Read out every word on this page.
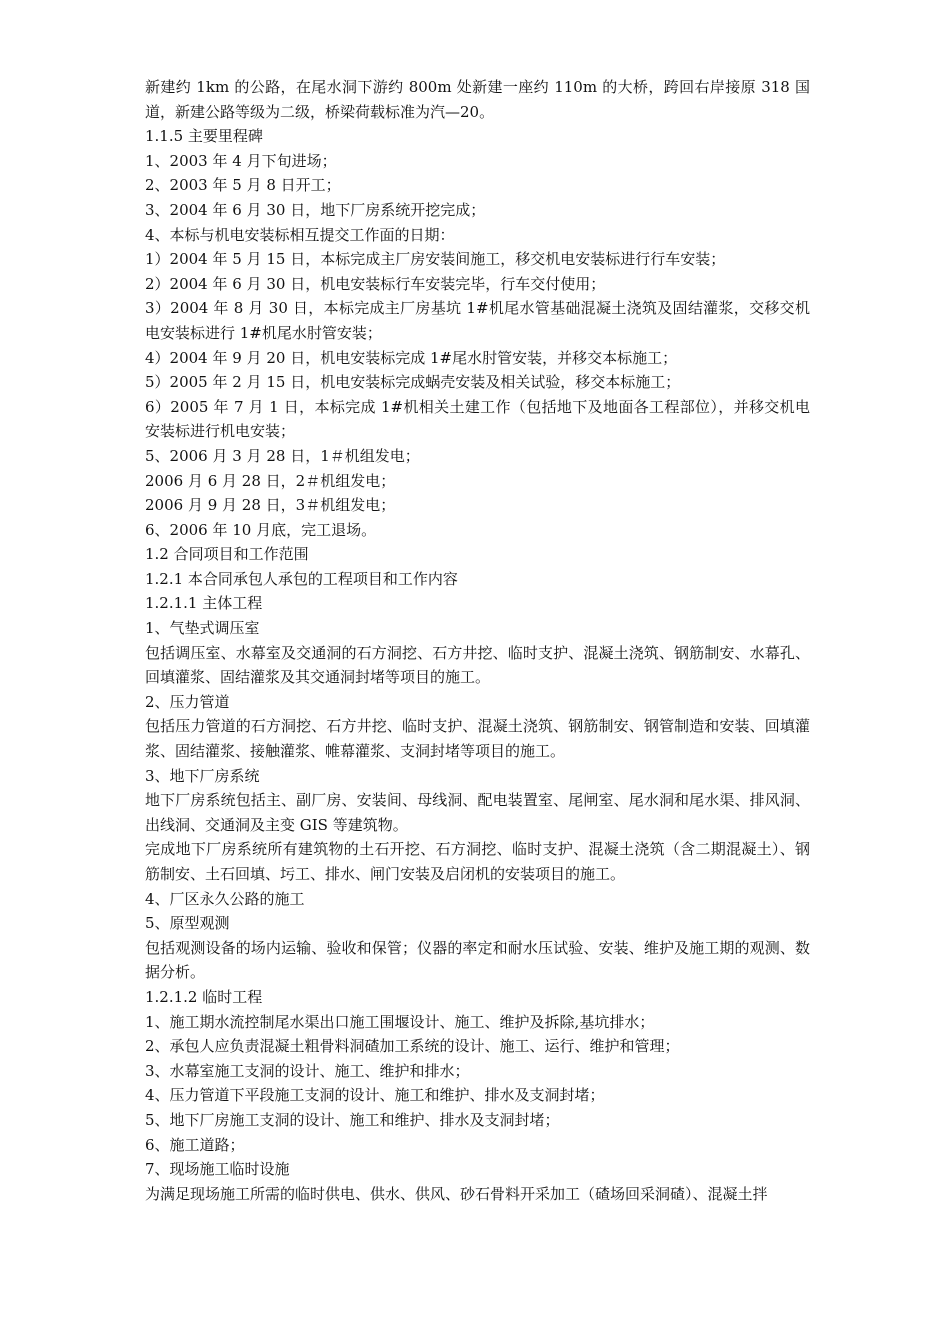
新建约 1km 的公路，在尾水洞下游约 800m 处新建一座约 110m 的大桥，跨回右岸接原 318 国道，新建公路等级为二级，桥梁荷载标准为汽—20。

1.1.5 主要里程碑

1、2003 年 4 月下旬进场；

2、2003 年 5 月 8 日开工；

3、2004 年 6 月 30 日，地下厂房系统开挖完成；

4、本标与机电安装标相互提交工作面的日期：

1）2004 年 5 月 15 日，本标完成主厂房安装间施工，移交机电安装标进行行车安装；

2）2004 年 6 月 30 日，机电安装标行车安装完毕，行车交付使用；

3）2004 年 8 月 30 日，本标完成主厂房基坑 1#机尾水管基础混凝土浇筑及固结灌浆，交移交机电安装标进行 1#机尾水肘管安装；

4）2004 年 9 月 20 日，机电安装标完成 1#尾水肘管安装，并移交本标施工；

5）2005 年 2 月 15 日，机电安装标完成蜗壳安装及相关试验，移交本标施工；

6）2005 年 7 月 1 日，本标完成 1#机相关土建工作（包括地下及地面各工程部位），并移交机电安装标进行机电安装；

5、2006 月 3 月 28 日，1＃机组发电；

2006 月 6 月 28 日，2＃机组发电；

2006 月 9 月 28 日，3＃机组发电；

6、2006 年 10 月底，完工退场。

1.2 合同项目和工作范围

1.2.1 本合同承包人承包的工程项目和工作内容

1.2.1.1 主体工程

1、气垫式调压室

包括调压室、水幕室及交通洞的石方洞挖、石方井挖、临时支护、混凝土浇筑、钢筋制安、水幕孔、回填灌浆、固结灌浆及其交通洞封堵等项目的施工。

2、压力管道

包括压力管道的石方洞挖、石方井挖、临时支护、混凝土浇筑、钢筋制安、钢管制造和安装、回填灌浆、固结灌浆、接触灌浆、帷幕灌浆、支洞封堵等项目的施工。

3、地下厂房系统

地下厂房系统包括主、副厂房、安装间、母线洞、配电装置室、尾闸室、尾水洞和尾水渠、排风洞、出线洞、交通洞及主变 GIS 等建筑物。

完成地下厂房系统所有建筑物的土石开挖、石方洞挖、临时支护、混凝土浇筑（含二期混凝土）、钢筋制安、土石回填、圬工、排水、闸门安装及启闭机的安装项目的施工。

4、厂区永久公路的施工

5、原型观测

包括观测设备的场内运输、验收和保管；仪器的率定和耐水压试验、安装、维护及施工期的观测、数据分析。

1.2.1.2 临时工程

1、施工期水流控制尾水渠出口施工围堰设计、施工、维护及拆除,基坑排水；

2、承包人应负责混凝土粗骨料洞碴加工系统的设计、施工、运行、维护和管理；

3、水幕室施工支洞的设计、施工、维护和排水；

4、压力管道下平段施工支洞的设计、施工和维护、排水及支洞封堵；

5、地下厂房施工支洞的设计、施工和维护、排水及支洞封堵；

6、施工道路；

7、现场施工临时设施

为满足现场施工所需的临时供电、供水、供风、砂石骨料开采加工（碴场回采洞碴）、混凝土拌
